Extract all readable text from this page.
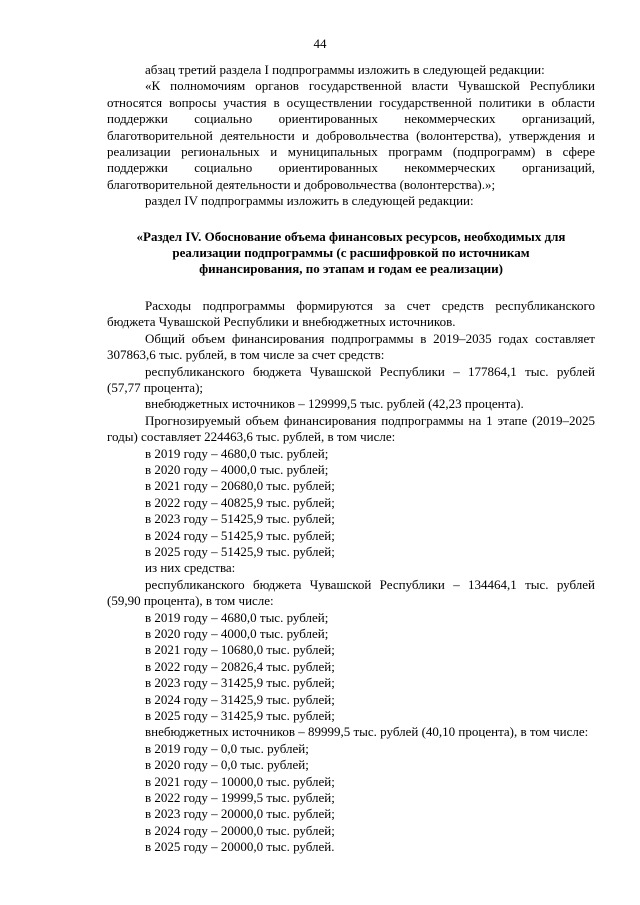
44

абзац третий раздела I подпрограммы изложить в следующей редакции:

«К полномочиям органов государственной власти Чувашской Республики относятся вопросы участия в осуществлении государственной политики в области поддержки социально ориентированных некоммерческих организаций, благотворительной деятельности и добровольчества (волонтерства), утверждения и реализации региональных и муниципальных программ (подпрограмм) в сфере поддержки социально ориентированных некоммерческих организаций, благотворительной деятельности и добровольчества (волонтерства).»;

раздел IV подпрограммы изложить в следующей редакции:

«Раздел IV. Обоснование объема финансовых ресурсов, необходимых для реализации подпрограммы (с расшифровкой по источникам финансирования, по этапам и годам ее реализации)

Расходы подпрограммы формируются за счет средств республиканского бюджета Чувашской Республики и внебюджетных источников.

Общий объем финансирования подпрограммы в 2019–2035 годах составляет 307863,6 тыс. рублей, в том числе за счет средств:

республиканского бюджета Чувашской Республики – 177864,1 тыс. рублей (57,77 процента);

внебюджетных источников – 129999,5 тыс. рублей (42,23 процента).

Прогнозируемый объем финансирования подпрограммы на 1 этапе (2019–2025 годы) составляет 224463,6 тыс. рублей, в том числе:

в 2019 году – 4680,0 тыс. рублей;

в 2020 году – 4000,0 тыс. рублей;

в 2021 году – 20680,0 тыс. рублей;

в 2022 году – 40825,9 тыс. рублей;

в 2023 году – 51425,9 тыс. рублей;

в 2024 году – 51425,9 тыс. рублей;

в 2025 году – 51425,9 тыс. рублей;

из них средства:

республиканского бюджета Чувашской Республики – 134464,1 тыс. рублей (59,90 процента), в том числе:

в 2019 году – 4680,0 тыс. рублей;

в 2020 году – 4000,0 тыс. рублей;

в 2021 году – 10680,0 тыс. рублей;

в 2022 году – 20826,4 тыс. рублей;

в 2023 году – 31425,9 тыс. рублей;

в 2024 году – 31425,9 тыс. рублей;

в 2025 году – 31425,9 тыс. рублей;

внебюджетных источников – 89999,5 тыс. рублей (40,10 процента), в том числе:

в 2019 году – 0,0 тыс. рублей;

в 2020 году – 0,0 тыс. рублей;

в 2021 году – 10000,0 тыс. рублей;

в 2022 году – 19999,5 тыс. рублей;

в 2023 году – 20000,0 тыс. рублей;

в 2024 году – 20000,0 тыс. рублей;

в 2025 году – 20000,0 тыс. рублей.
